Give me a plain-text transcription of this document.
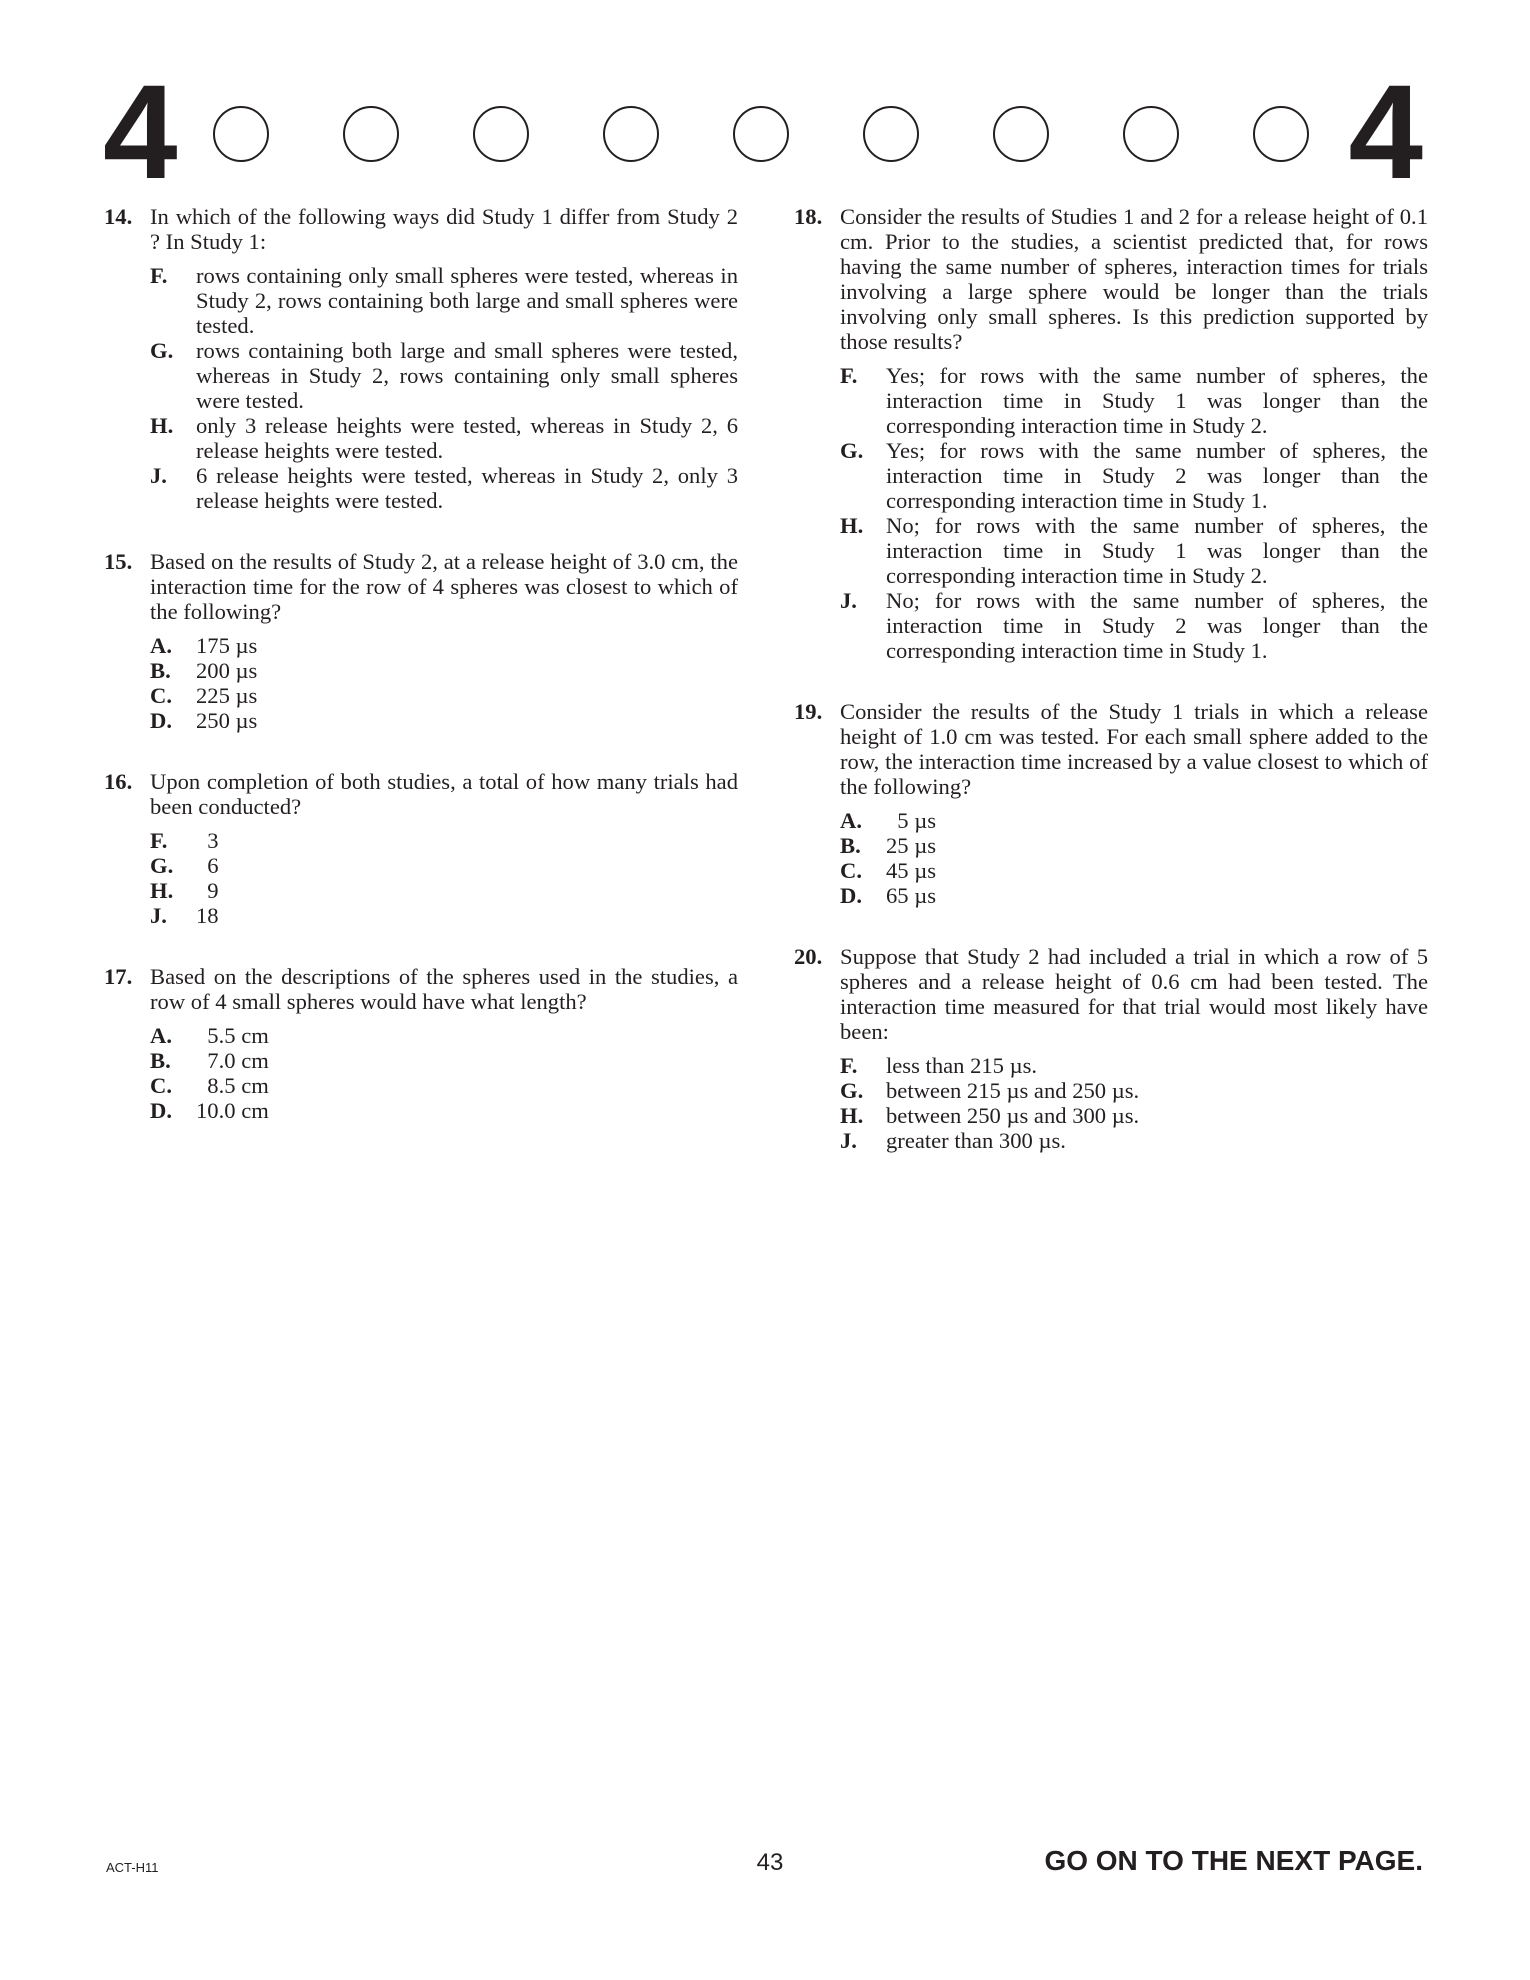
4	4
14. In which of the following ways did Study 1 differ from Study 2 ? In Study 1:
F. rows containing only small spheres were tested, whereas in Study 2, rows containing both large and small spheres were tested.
G. rows containing both large and small spheres were tested, whereas in Study 2, rows containing only small spheres were tested.
H. only 3 release heights were tested, whereas in Study 2, 6 release heights were tested.
J. 6 release heights were tested, whereas in Study 2, only 3 release heights were tested.
15. Based on the results of Study 2, at a release height of 3.0 cm, the interaction time for the row of 4 spheres was closest to which of the following?
A. 175 µs
B. 200 µs
C. 225 µs
D. 250 µs
16. Upon completion of both studies, a total of how many trials had been conducted?
F. 3
G. 6
H. 9
J. 18
17. Based on the descriptions of the spheres used in the studies, a row of 4 small spheres would have what length?
A. 5.5 cm
B. 7.0 cm
C. 8.5 cm
D. 10.0 cm
18. Consider the results of Studies 1 and 2 for a release height of 0.1 cm. Prior to the studies, a scientist predicted that, for rows having the same number of spheres, interaction times for trials involving a large sphere would be longer than the trials involving only small spheres. Is this prediction supported by those results?
F. Yes; for rows with the same number of spheres, the interaction time in Study 1 was longer than the corresponding interaction time in Study 2.
G. Yes; for rows with the same number of spheres, the interaction time in Study 2 was longer than the corresponding interaction time in Study 1.
H. No; for rows with the same number of spheres, the interaction time in Study 1 was longer than the corresponding interaction time in Study 2.
J. No; for rows with the same number of spheres, the interaction time in Study 2 was longer than the corresponding interaction time in Study 1.
19. Consider the results of the Study 1 trials in which a release height of 1.0 cm was tested. For each small sphere added to the row, the interaction time increased by a value closest to which of the following?
A. 5 µs
B. 25 µs
C. 45 µs
D. 65 µs
20. Suppose that Study 2 had included a trial in which a row of 5 spheres and a release height of 0.6 cm had been tested. The interaction time measured for that trial would most likely have been:
F. less than 215 µs.
G. between 215 µs and 250 µs.
H. between 250 µs and 300 µs.
J. greater than 300 µs.
ACT-H11	43	GO ON TO THE NEXT PAGE.
